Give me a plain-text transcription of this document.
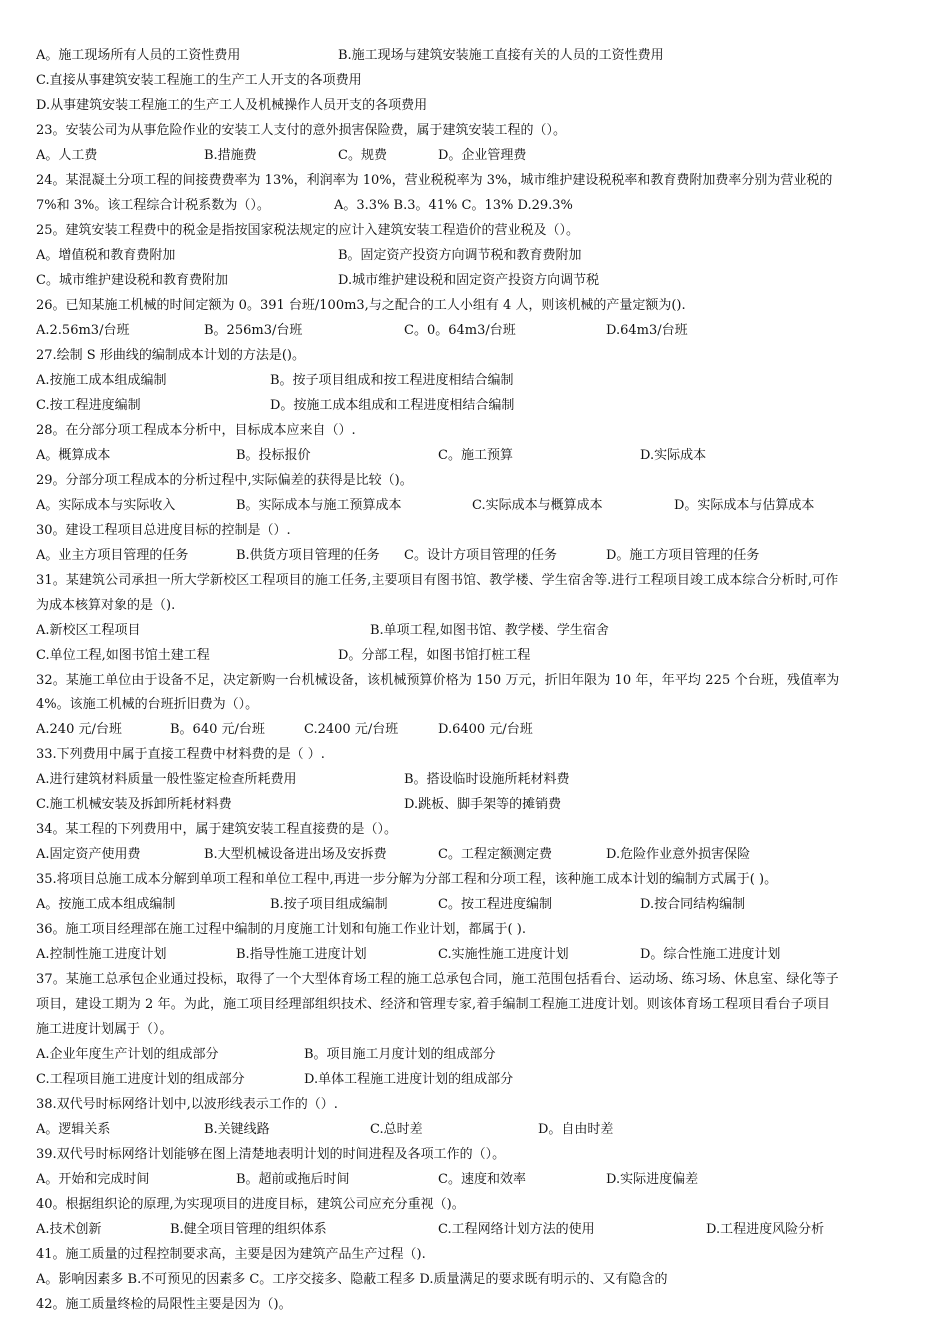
A。施工现场所有人员的工资性费用	B.施工现场与建筑安装施工直接有关的人员的工资性费用
C.直接从事建筑安装工程施工的生产工人开支的各项费用
D.从事建筑安装工程施工的生产工人及机械操作人员开支的各项费用
23。安装公司为从事危险作业的安装工人支付的意外损害保险费，属于建筑安装工程的（）。
A。人工费	B.措施费	C。规费	D。企业管理费
24。某混凝土分项工程的间接费费率为 13%，利润率为 10%，营业税税率为 3%，城市维护建设税税率和教育费附加费率分别为营业税的
7%和 3%。该工程综合计税系数为（）。	A。3.3% B.3。41% C。13% D.29.3%
25。建筑安装工程费中的税金是指按国家税法规定的应计入建筑安装工程造价的营业税及（）。
A。增值税和教育费附加	B。固定资产投资方向调节税和教育费附加
C。城市维护建设税和教育费附加	D.城市维护建设税和固定资产投资方向调节税
26。已知某施工机械的时间定额为 0。391 台班/100m3,与之配合的工人小组有 4 人，则该机械的产量定额为().
A.2.56m3/台班	B。256m3/台班	C。0。64m3/台班	D.64m3/台班
27.绘制 S 形曲线的编制成本计划的方法是()。
A.按施工成本组成编制	B。按子项目组成和按工程进度相结合编制
C.按工程进度编制	D。按施工成本组成和工程进度相结合编制
28。在分部分项工程成本分析中，目标成本应来自（）.
A。概算成本	B。投标报价	C。施工预算	D.实际成本
29。分部分项工程成本的分析过程中,实际偏差的获得是比较（)。
A。实际成本与实际收入	B。实际成本与施工预算成本	C.实际成本与概算成本	D。实际成本与估算成本
30。建设工程项目总进度目标的控制是（）.
A。业主方项目管理的任务	B.供货方项目管理的任务 C。设计方项目管理的任务	D。施工方项目管理的任务
31。某建筑公司承担一所大学新校区工程项目的施工任务,主要项目有图书馆、教学楼、学生宿舍等.进行工程项目竣工成本综合分析时,可作
为成本核算对象的是（).
A.新校区工程项目	B.单项工程,如图书馆、教学楼、学生宿舍
C.单位工程,如图书馆土建工程	D。分部工程，如图书馆打桩工程
32。某施工单位由于设备不足，决定新购一台机械设备，该机械预算价格为 150 万元，折旧年限为 10 年，年平均 225 个台班，残值率为
4%。该施工机械的台班折旧费为（）。
A.240 元/台班	B。640 元/台班	C.2400 元/台班	D.6400 元/台班
33.下列费用中属于直接工程费中材料费的是（ ）.
A.进行建筑材料质量一般性鉴定检查所耗费用	B。搭设临时设施所耗材料费
C.施工机械安装及拆卸所耗材料费	D.跳板、脚手架等的摊销费
34。某工程的下列费用中，属于建筑安装工程直接费的是（）。
A.固定资产使用费	B.大型机械设备进出场及安拆费	C。工程定额测定费	D.危险作业意外损害保险
35.将项目总施工成本分解到单项工程和单位工程中,再进一步分解为分部工程和分项工程，该种施工成本计划的编制方式属于( )。
A。按施工成本组成编制	B.按子项目组成编制	C。按工程进度编制	D.按合同结构编制
36。施工项目经理部在施工过程中编制的月度施工计划和旬施工作业计划，都属于( ).
A.控制性施工进度计划	B.指导性施工进度计划	C.实施性施工进度计划	D。综合性施工进度计划
37。某施工总承包企业通过投标，取得了一个大型体育场工程的施工总承包合同，施工范围包括看台、运动场、练习场、休息室、绿化等子
项目，建设工期为 2 年。为此，施工项目经理部组织技术、经济和管理专家,着手编制工程施工进度计划。则该体育场工程项目看台子项目
施工进度计划属于（）。
A.企业年度生产计划的组成部分	B。项目施工月度计划的组成部分
C.工程项目施工进度计划的组成部分	D.单体工程施工进度计划的组成部分
38.双代号时标网络计划中,以波形线表示工作的（）.
A。逻辑关系	B.关键线路	C.总时差	D。自由时差
39.双代号时标网络计划能够在图上清楚地表明计划的时间进程及各项工作的（）。
A。开始和完成时间	B。超前或拖后时间	C。速度和效率	D.实际进度偏差
40。根据组织论的原理,为实现项目的进度目标，建筑公司应充分重视（)。
A.技术创新	B.健全项目管理的组织体系	C.工程网络计划方法的使用	D.工程进度风险分析
41。施工质量的过程控制要求高，主要是因为建筑产品生产过程（).
A。影响因素多 B.不可预见的因素多 C。工序交接多、隐蔽工程多 D.质量满足的要求既有明示的、又有隐含的
42。施工质量终检的局限性主要是因为（)。
